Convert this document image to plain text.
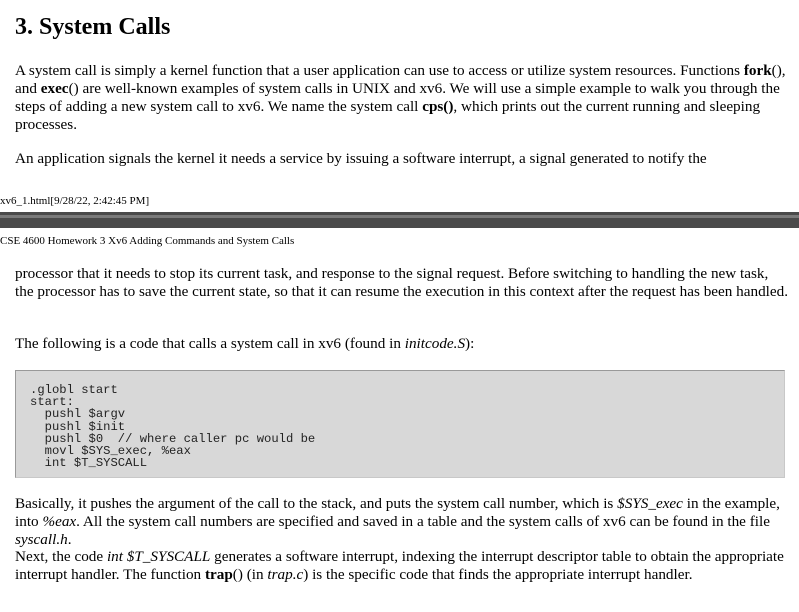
3. System Calls

A system call is simply a kernel function that a user application can use to access or utilize system resources. Functions fork(), and exec() are well-known examples of system calls in UNIX and xv6. We will use a simple example to walk you through the steps of adding a new system call to xv6. We name the system call cps(), which prints out the current running and sleeping processes.

An application signals the kernel it needs a service by issuing a software interrupt, a signal generated to notify the

xv6_1.html[9/28/22, 2:42:45 PM]
CSE 4600 Homework 3 Xv6 Adding Commands and System Calls

processor that it needs to stop its current task, and response to the signal request. Before switching to handling the new task, the processor has to save the current state, so that it can resume the execution in this context after the request has been handled.

The following is a code that calls a system call in xv6 (found in initcode.S):

.globl start
start:
pushl $argv
pushl $init
pushl $0  // where caller pc would be
movl $SYS_exec, %eax
int $T_SYSCALL

Basically, it pushes the argument of the call to the stack, and puts the system call number, which is $SYS_exec in the example, into %eax. All the system call numbers are specified and saved in a table and the system calls of xv6 can be found in the file syscall.h.

Next, the code int $T_SYSCALL generates a software interrupt, indexing the interrupt descriptor table to obtain the appropriate interrupt handler. The function trap() (in trap.c) is the specific code that finds the appropriate interrupt handler.
